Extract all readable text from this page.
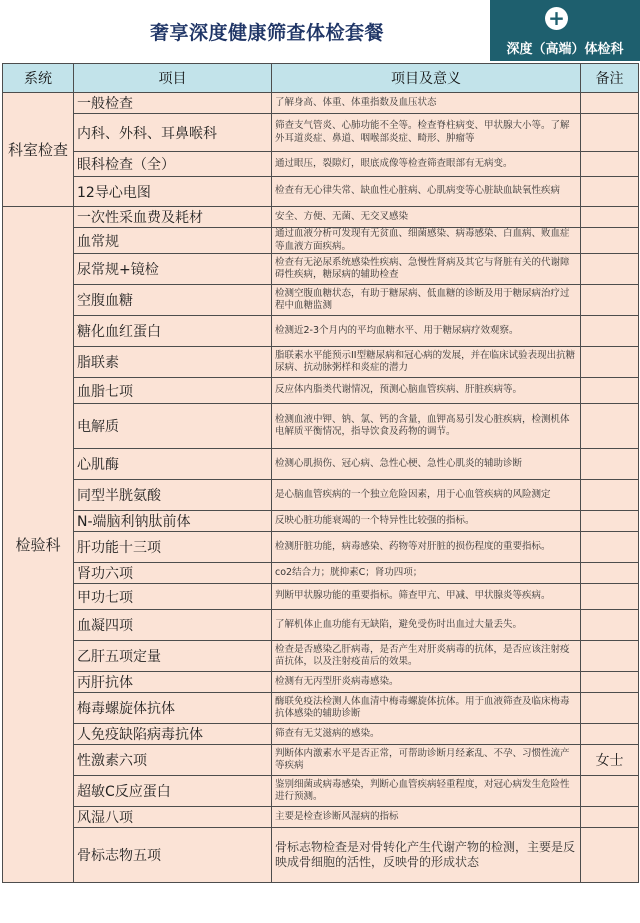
奢享深度健康筛查体检套餐
+
深度（高端）体检科
系统	项目	项目及意义	备注
科室检查	一般检查	了解身高、体重、体重指数及血压状态	
	内科、外科、耳鼻喉科	筛查支气管炎、心肺功能不全等。检查脊柱病变、甲状腺大小等。了解外耳道炎症、鼻道、咽喉部炎症、畸形、肿瘤等	
	眼科检查（全）	通过眼压，裂隙灯，眼底成像等检查筛查眼部有无病变。	
	12导心电图	检查有无心律失常、缺血性心脏病、心肌病变等心脏缺血缺氧性疾病	
检验科	一次性采血费及耗材	安全、方便、无菌、无交叉感染	
	血常规	通过血液分析可发现有无贫血、细菌感染、病毒感染、白血病、败血症等血液方面疾病。	
	尿常规+镜检	检查有无泌尿系统感染性疾病、急慢性肾病及其它与肾脏有关的代谢障碍性疾病，糖尿病的辅助检查	
	空腹血糖	检测空腹血糖状态，有助于糖尿病、低血糖的诊断及用于糖尿病治疗过程中血糖监测	
	糖化血红蛋白	检测近2-3个月内的平均血糖水平、用于糖尿病疗效观察。	
	脂联素	脂联素水平能预示II型糖尿病和冠心病的发展，并在临床试验表现出抗糖尿病、抗动脉粥样和炎症的潜力	
	血脂七项	反应体内脂类代谢情况，预测心脑血管疾病、肝脏疾病等。	
	电解质	检测血液中钾、钠、氯、钙的含量，血钾高易引发心脏疾病，检测机体电解质平衡情况，指导饮食及药物的调节。	
	心肌酶	检测心肌损伤、冠心病、急性心梗、急性心肌炎的辅助诊断	
	同型半胱氨酸	是心脑血管疾病的一个独立危险因素，用于心血管疾病的风险测定	
	N-端脑利钠肽前体	反映心脏功能衰竭的一个特异性比较强的指标。	
	肝功能十三项	检测肝脏功能，病毒感染、药物等对肝脏的损伤程度的重要指标。	
	肾功六项	co2结合力；胱抑素C；肾功四项；	
	甲功七项	判断甲状腺功能的重要指标。筛查甲亢、甲减、甲状腺炎等疾病。	
	血凝四项	了解机体止血功能有无缺陷，避免受伤时出血过大量丢失。	
	乙肝五项定量	检查是否感染乙肝病毒，是否产生对肝炎病毒的抗体，是否应该注射疫苗抗体，以及注射疫苗后的效果。	
	丙肝抗体	检测有无丙型肝炎病毒感染。	
	梅毒螺旋体抗体	酶联免疫法检测人体血清中梅毒螺旋体抗体。用于血液筛查及临床梅毒抗体感染的辅助诊断	
	人免疫缺陷病毒抗体	筛查有无艾滋病的感染。	
	性激素六项	判断体内激素水平是否正常，可帮助诊断月经紊乱、不孕、习惯性流产等疾病	女士
	超敏C反应蛋白	鉴别细菌或病毒感染，判断心血管疾病轻重程度，对冠心病发生危险性进行预测。	
	风湿八项	主要是检查诊断风湿病的指标	
	骨标志物五项	骨标志物检查是对骨转化产生代谢产物的检测，主要是反映成骨细胞的活性，反映骨的形成状态	
